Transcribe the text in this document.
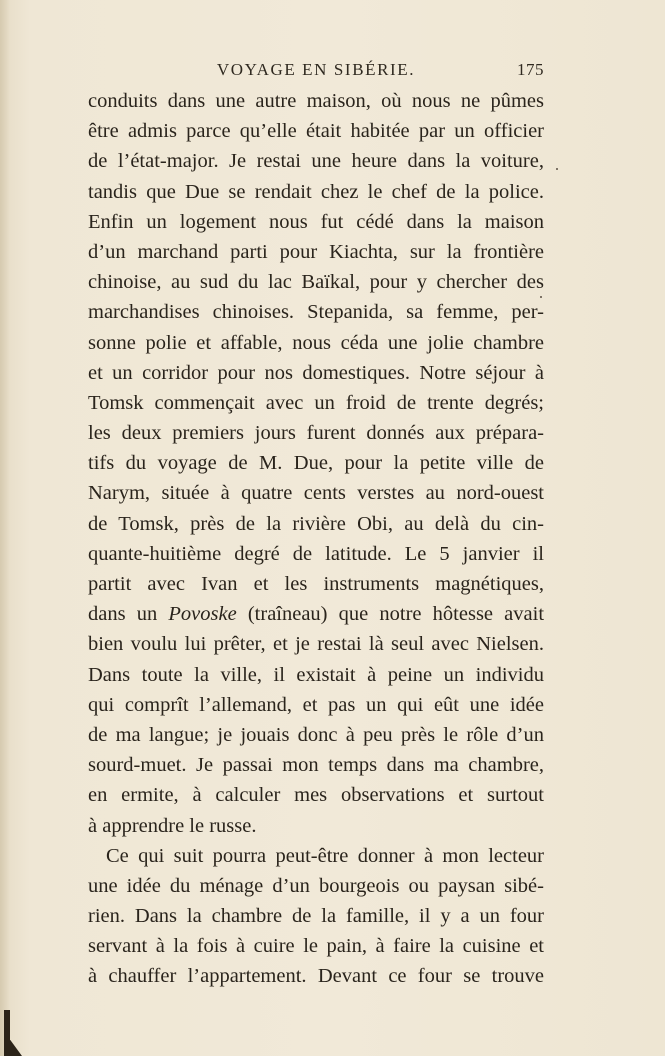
VOYAGE EN SIBÉRIE.	175
conduits dans une autre maison, où nous ne pûmes
être admis parce qu’elle était habitée par un officier
de l’état-major. Je restai une heure dans la voiture,
tandis que Due se rendait chez le chef de la police.
Enfin un logement nous fut cédé dans la maison
d’un marchand parti pour Kiachta, sur la frontière
chinoise, au sud du lac Baïkal, pour y chercher des
marchandises chinoises. Stepanida, sa femme, per-
sonne polie et affable, nous céda une jolie chambre
et un corridor pour nos domestiques. Notre séjour à
Tomsk commençait avec un froid de trente degrés;
les deux premiers jours furent donnés aux prépara-
tifs du voyage de M. Due, pour la petite ville de
Narym, située à quatre cents verstes au nord-ouest
de Tomsk, près de la rivière Obi, au delà du cin-
quante-huitième degré de latitude. Le 5 janvier il
partit avec Ivan et les instruments magnétiques,
dans un Povoske (traîneau) que notre hôtesse avait
bien voulu lui prêter, et je restai là seul avec Nielsen.
Dans toute la ville, il existait à peine un individu
qui comprît l’allemand, et pas un qui eût une idée
de ma langue; je jouais donc à peu près le rôle d’un
sourd-muet. Je passai mon temps dans ma chambre,
en ermite, à calculer mes observations et surtout
à apprendre le russe.
Ce qui suit pourra peut-être donner à mon lecteur
une idée du ménage d’un bourgeois ou paysan sibé-
rien. Dans la chambre de la famille, il y a un four
servant à la fois à cuire le pain, à faire la cuisine et
à chauffer l’appartement. Devant ce four se trouve
